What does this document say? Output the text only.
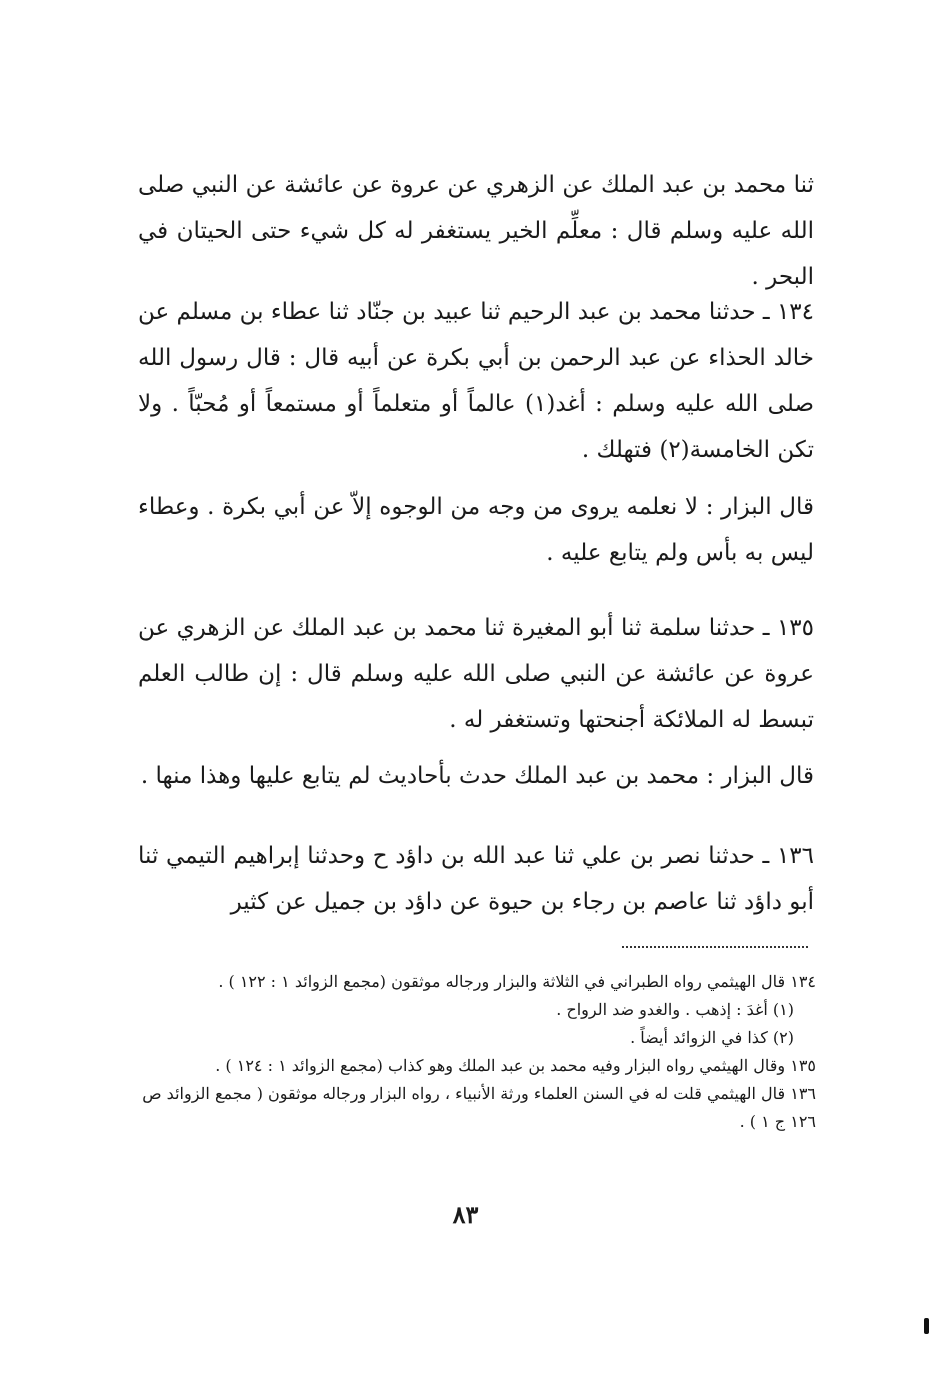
ثنا محمد بن عبد الملك عن الزهري عن عروة عن عائشة عن النبي صلى الله عليه وسلم قال : معلِّم الخير يستغفر له كل شيء حتى الحيتان في البحر .

١٣٤ ـ حدثنا محمد بن عبد الرحيم ثنا عبيد بن جنّاد ثنا عطاء بن مسلم عن خالد الحذاء عن عبد الرحمن بن أبي بكرة عن أبيه قال : قال رسول الله صلى الله عليه وسلم : أغد(١) عالماً أو متعلماً أو مستمعاً أو مُحبّاً . ولا تكن الخامسة(٢) فتهلك .

قال البزار : لا نعلمه يروى من وجه من الوجوه إلاّ عن أبي بكرة . وعطاء ليس به بأس ولم يتابع عليه .

١٣٥ ـ حدثنا سلمة ثنا أبو المغيرة ثنا محمد بن عبد الملك عن الزهري عن عروة عن عائشة عن النبي صلى الله عليه وسلم قال : إن طالب العلم تبسط له الملائكة أجنحتها وتستغفر له .

قال البزار : محمد بن عبد الملك حدث بأحاديث لم يتابع عليها وهذا منها .

١٣٦ ـ حدثنا نصر بن علي ثنا عبد الله بن داؤد ح وحدثنا إبراهيم التيمي ثنا أبو داؤد ثنا عاصم بن رجاء بن حيوة عن داؤد بن جميل عن كثير

١٣٤ قال الهيثمي رواه الطبراني في الثلاثة والبزار ورجاله موثقون (مجمع الزوائد ١ : ١٢٢ ) .
(١) أغدَ : إذهب . والغدو ضد الرواح .
(٢) كذا في الزوائد أيضاً .
١٣٥ وقال الهيثمي رواه البزار وفيه محمد بن عبد الملك وهو كذاب (مجمع الزوائد ١ : ١٢٤ ) .
١٣٦ قال الهيثمي قلت له في السنن العلماء ورثة الأنبياء ، رواه البزار ورجاله موثقون ( مجمع الزوائد ص ١٢٦ ج ١ ) .
٨٣
